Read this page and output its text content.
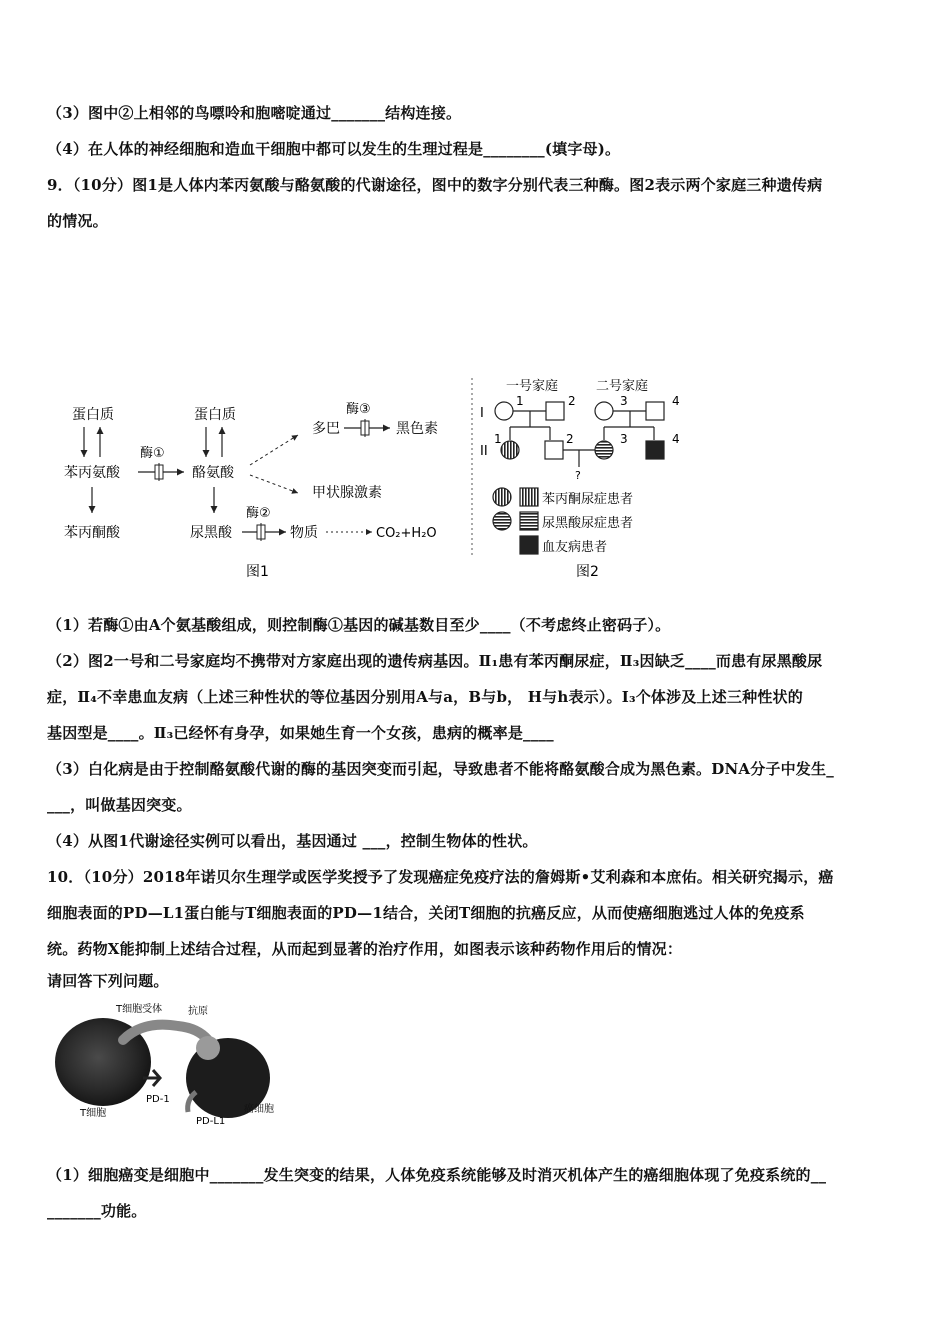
（3）图中②上相邻的鸟嘌呤和胞嘧啶通过_______结构连接。
（4）在人体的神经细胞和造血干细胞中都可以发生的生理过程是________(填字母)。
9．（10分）图1是人体内苯丙氨酸与酪氨酸的代谢途径，图中的数字分别代表三种酶。图2表示两个家庭三种遗传病
的情况。
蛋白质
苯丙氨酸
酶①
苯丙酮酸
蛋白质
酪氨酸
尿黑酸
多巴
酶③
黑色素
甲状腺激素
酶②
物质	CO₂+H₂O
图1
一号家庭	二号家庭
I
II
1	2	3	4
1	2	3	4
?
苯丙酮尿症患者
尿黑酸尿症患者
血友病患者
图2
（1）若酶①由A个氨基酸组成，则控制酶①基因的碱基数目至少____（不考虑终止密码子）。
（2）图2一号和二号家庭均不携带对方家庭出现的遗传病基因。Ⅱ₁患有苯丙酮尿症，Ⅱ₃因缺乏____而患有尿黑酸尿
症，Ⅱ₄不幸患血友病（上述三种性状的等位基因分别用A与a，B与b， H与h表示）。I₃个体涉及上述三种性状的
基因型是____。Ⅱ₃已经怀有身孕，如果她生育一个女孩，患病的概率是____
（3）白化病是由于控制酪氨酸代谢的酶的基因突变而引起，导致患者不能将酪氨酸合成为黑色素。DNA分子中发生_
___，叫做基因突变。
（4）从图1代谢途径实例可以看出，基因通过 ___，控制生物体的性状。
10．（10分）2018年诺贝尔生理学或医学奖授予了发现癌症免疫疗法的詹姆斯•艾利森和本庶佑。相关研究揭示，癌
细胞表面的PD—L1蛋白能与T细胞表面的PD—1结合，关闭T细胞的抗癌反应，从而使癌细胞逃过人体的免疫系
统。药物X能抑制上述结合过程，从而起到显著的治疗作用，如图表示该种药物作用后的情况：
请回答下列问题。
T细胞受体	抗原
PD-1
PD-L1
T细胞	癌细胞
（1）细胞癌变是细胞中_______发生突变的结果，人体免疫系统能够及时消灭机体产生的癌细胞体现了免疫系统的__
_______功能。
